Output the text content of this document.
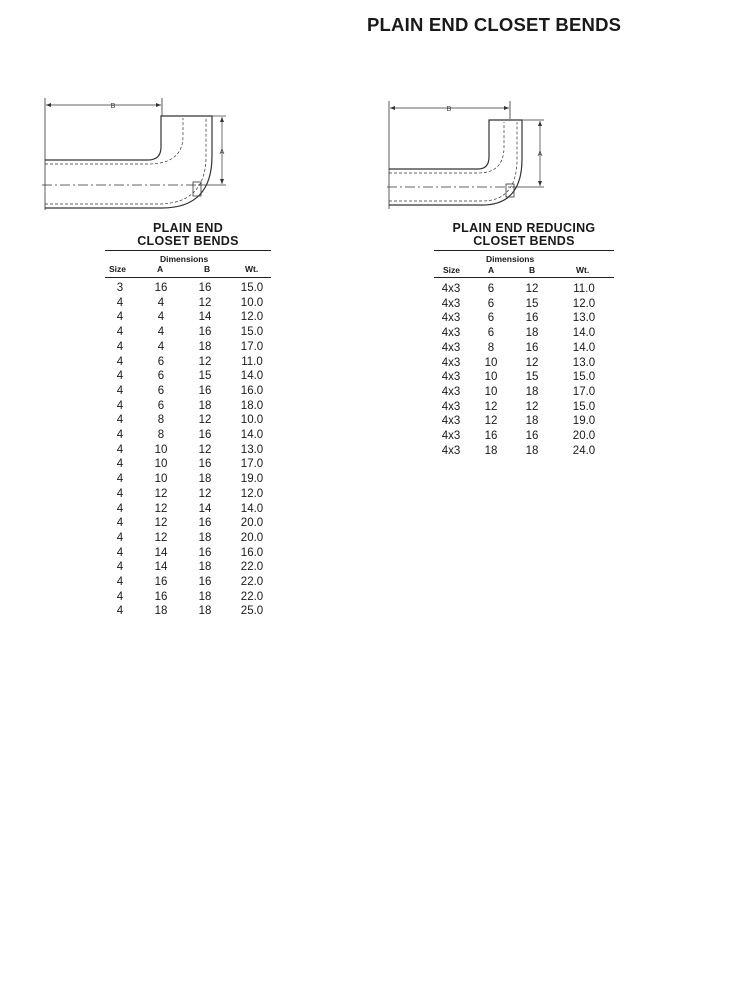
PLAIN END CLOSET BENDS
B
A
B
A
PLAIN END
CLOSET BENDS
Dimensions
Size	A	B	Wt.
3	16	16	15.0
4	4	12	10.0
4	4	14	12.0
4	4	16	15.0
4	4	18	17.0
4	6	12	11.0
4	6	15	14.0
4	6	16	16.0
4	6	18	18.0
4	8	12	10.0
4	8	16	14.0
4	10	12	13.0
4	10	16	17.0
4	10	18	19.0
4	12	12	12.0
4	12	14	14.0
4	12	16	20.0
4	12	18	20.0
4	14	16	16.0
4	14	18	22.0
4	16	16	22.0
4	16	18	22.0
4	18	18	25.0
PLAIN END REDUCING
CLOSET BENDS
Dimensions
Size	A	B	Wt.
4x3	6	12	11.0
4x3	6	15	12.0
4x3	6	16	13.0
4x3	6	18	14.0
4x3	8	16	14.0
4x3	10	12	13.0
4x3	10	15	15.0
4x3	10	18	17.0
4x3	12	12	15.0
4x3	12	18	19.0
4x3	16	16	20.0
4x3	18	18	24.0
